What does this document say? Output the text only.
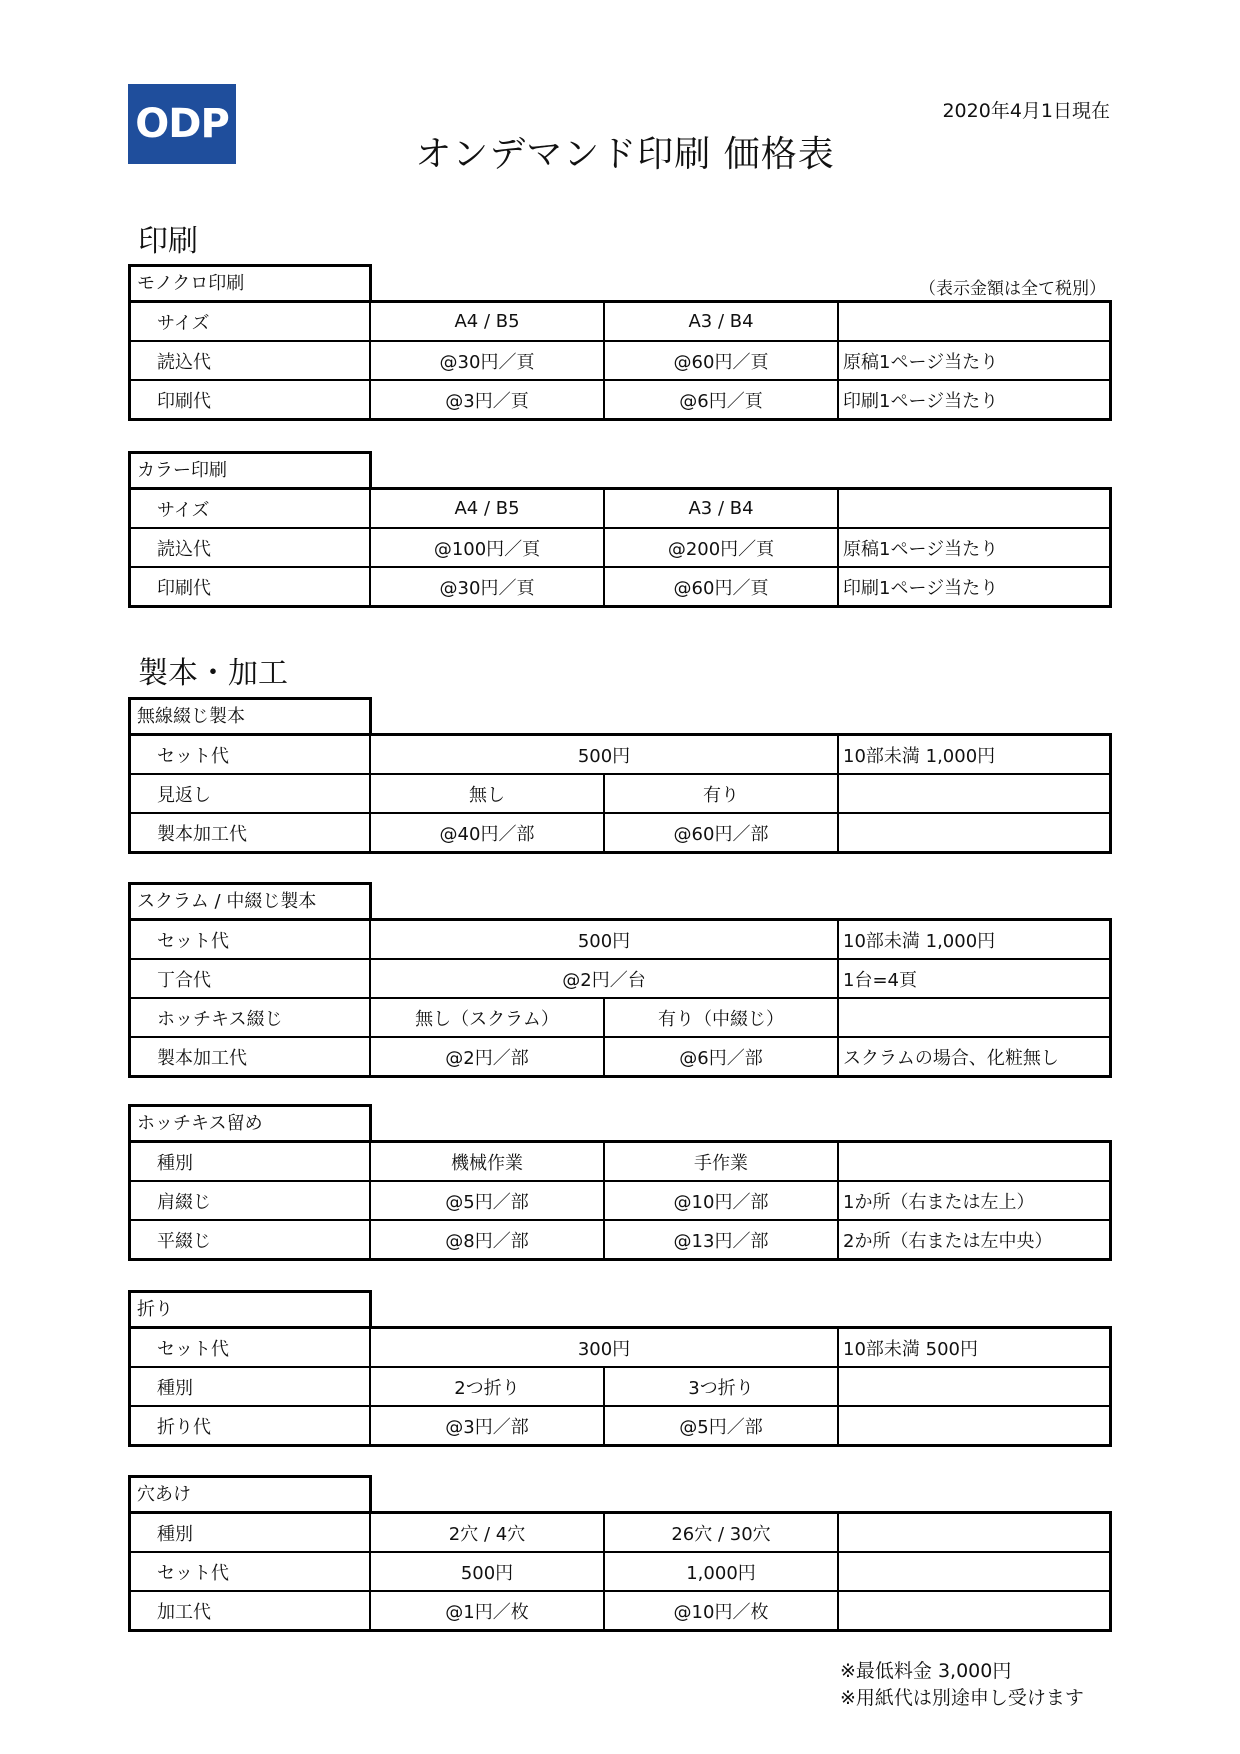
ODP	2020年4月1日現在
オンデマンド印刷 価格表
印刷
モノクロ印刷	（表示金額は全て税別）
サイズ	A4 / B5	A3 / B4
読込代	@30円／頁	@60円／頁	原稿1ページ当たり
印刷代	@3円／頁	@6円／頁	印刷1ページ当たり
カラー印刷
サイズ	A4 / B5	A3 / B4
読込代	@100円／頁	@200円／頁	原稿1ページ当たり
印刷代	@30円／頁	@60円／頁	印刷1ページ当たり
製本・加工
無線綴じ製本
セット代	500円	10部未満 1,000円
見返し	無し	有り
製本加工代	@40円／部	@60円／部
スクラム / 中綴じ製本
セット代	500円	10部未満 1,000円
丁合代	@2円／台	1台=4頁
ホッチキス綴じ	無し（スクラム）	有り（中綴じ）
製本加工代	@2円／部	@6円／部	スクラムの場合、化粧無し
ホッチキス留め
種別	機械作業	手作業
肩綴じ	@5円／部	@10円／部	1か所（右または左上）
平綴じ	@8円／部	@13円／部	2か所（右または左中央）
折り
セット代	300円	10部未満 500円
種別	2つ折り	3つ折り
折り代	@3円／部	@5円／部
穴あけ
種別	2穴 / 4穴	26穴 / 30穴
セット代	500円	1,000円
加工代	@1円／枚	@10円／枚
※最低料金 3,000円
※用紙代は別途申し受けます
